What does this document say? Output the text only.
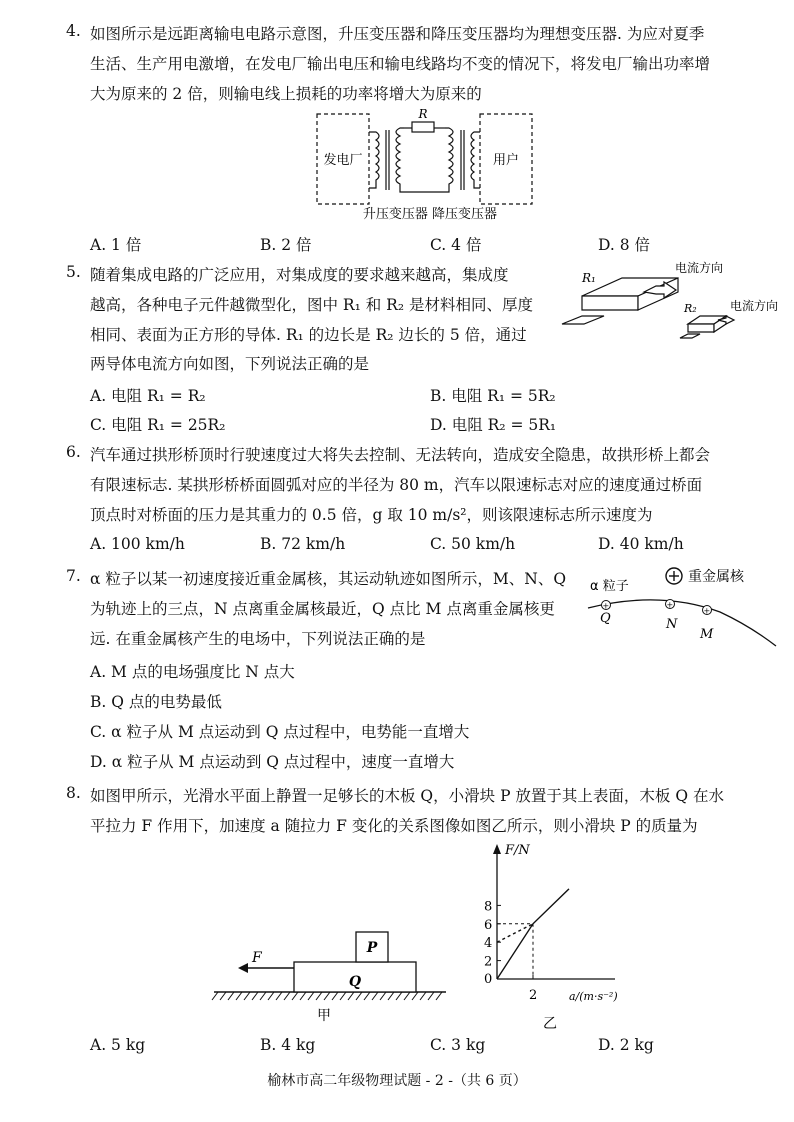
4. 如图所示是远距离输电电路示意图，升压变压器和降压变压器均为理想变压器. 为应对夏季
生活、生产用电激增，在发电厂输出电压和输电线路均不变的情况下，将发电厂输出功率增
大为原来的 2 倍，则输电线上损耗的功率将增大为原来的
发电厂	用户
R
升压变压器 降压变压器
A. 1 倍	B. 2 倍	C. 4 倍	D. 8 倍
5. 随着集成电路的广泛应用，对集成度的要求越来越高，集成度
越高，各种电子元件越微型化，图中 R₁ 和 R₂ 是材料相同、厚度
相同、表面为正方形的导体. R₁ 的边长是 R₂ 边长的 5 倍，通过
两导体电流方向如图，下列说法正确的是
R₁
电流方向
R₂	电流方向
A. 电阻 R₁ = R₂	B. 电阻 R₁ = 5R₂
C. 电阻 R₁ = 25R₂	D. 电阻 R₂ = 5R₁
6. 汽车通过拱形桥顶时行驶速度过大将失去控制、无法转向，造成安全隐患，故拱形桥上都会
有限速标志. 某拱形桥桥面圆弧对应的半径为 80 m，汽车以限速标志对应的速度通过桥面
顶点时对桥面的压力是其重力的 0.5 倍，g 取 10 m/s²，则该限速标志所示速度为
A. 100 km/h	B. 72 km/h	C. 50 km/h	D. 40 km/h
7. α 粒子以某一初速度接近重金属核，其运动轨迹如图所示，M、N、Q
为轨迹上的三点，N 点离重金属核最近，Q 点比 M 点离重金属核更
远. 在重金属核产生的电场中，下列说法正确的是
α 粒子
重金属核
+	+
+
Q	N
M
A. M 点的电场强度比 N 点大
B. Q 点的电势最低
C. α 粒子从 M 点运动到 Q 点过程中，电势能一直增大
D. α 粒子从 M 点运动到 Q 点过程中，速度一直增大
8. 如图甲所示，光滑水平面上静置一足够长的木板 Q，小滑块 P 放置于其上表面，木板 Q 在水
平拉力 F 作用下，加速度 a 随拉力 F 变化的关系图像如图乙所示，则小滑块 P 的质量为
P
Q
F
甲
F/N
a/(m·s⁻²)
0
2
4
6
8
2
乙
A. 5 kg	B. 4 kg	C. 3 kg	D. 2 kg
榆林市高二年级物理试题 - 2 -（共 6 页）
